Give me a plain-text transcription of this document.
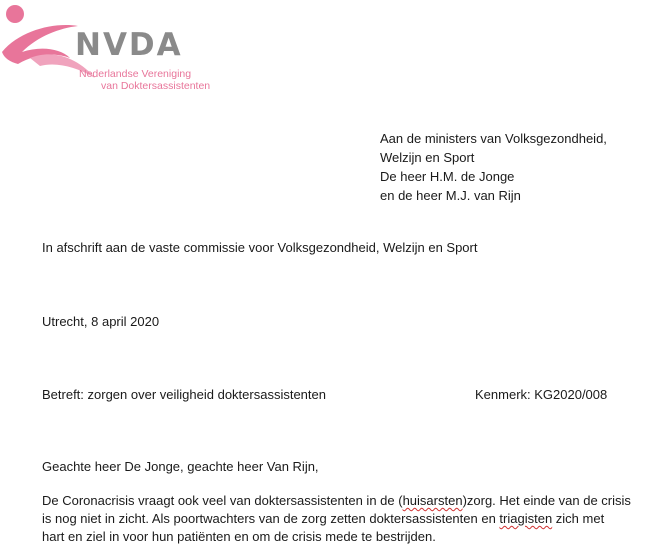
NVDA
Nederlandse Vereniging
van Doktersassistenten
Aan de ministers van Volksgezondheid,
Welzijn en Sport
De heer H.M. de Jonge
en de heer M.J. van Rijn
In afschrift aan de vaste commissie voor Volksgezondheid, Welzijn en Sport
Utrecht, 8 april 2020
Betreft: zorgen over veiligheid doktersassistenten	Kenmerk: KG2020/008
Geachte heer De Jonge, geachte heer Van Rijn,
De Coronacrisis vraagt ook veel van doktersassistenten in de (huisarsten)zorg. Het einde van de crisis
is nog niet in zicht. Als poortwachters van de zorg zetten doktersassistenten en triagisten zich met
hart en ziel in voor hun patiënten en om de crisis mede te bestrijden.
